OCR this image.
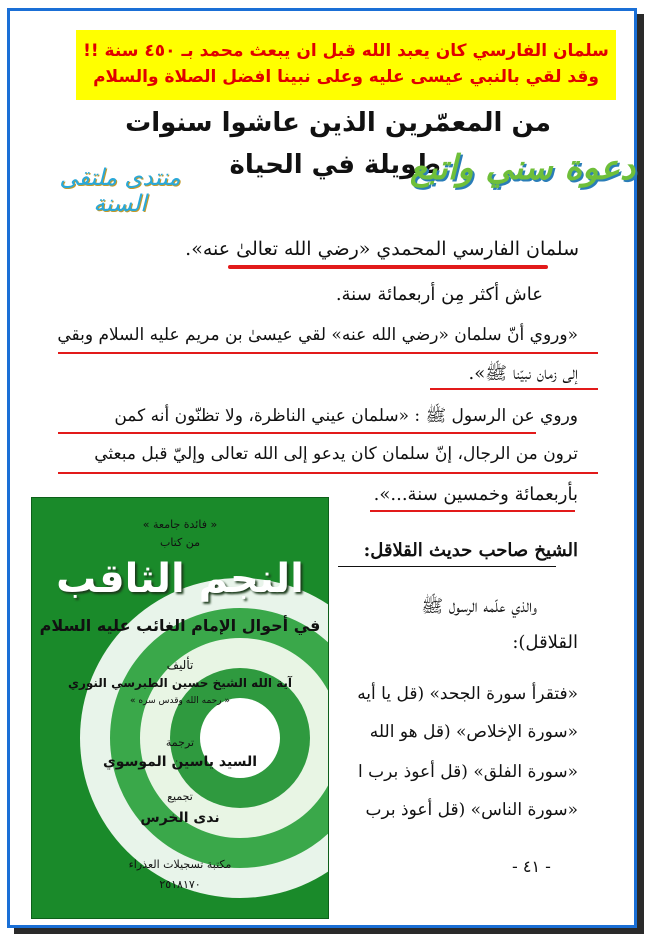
سلمان الفارسي كان يعبد الله قبل ان يبعث محمد بـ ٤٥٠ سنة !!
وقد لقي بالنبي عيسى عليه وعلى نبينا افضل الصلاة والسلام
من المعمّرين الذين عاشوا سنوات
طويلة في الحياة
دعوة سني واتبع
منتدى ملتقى السنة
سلمان الفارسي المحمدي «رضي الله تعالىٰ عنه».
عاش أكثر مِن أربعمائة سنة.
«وروي أنّ سلمان «رضي الله عنه» لقي عيسىٰ بن مريم عليه السلام وبقي
إلى زمان نبيّنا ﷺ».
وروي عن الرسول ﷺ : «سلمان عيني الناظرة، ولا تظنّون أنه كمن
ترون من الرجال، إنّ سلمان كان يدعو إلى الله تعالى وإليّ قبل مبعثي
بأربعمائة وخمسين سنة...».
الشيخ صاحب حديث القلاقل:
والذي علّمه الرسول ﷺ
القلاقل):
«فتقرأ سورة الجحد» (قل يا أيه
«سورة الإخلاص» (قل هو الله
«سورة الفلق» (قل أعوذ برب ا
«سورة الناس» (قل أعوذ برب
- ٤١ -
« فائدة جامعة »
من كتاب
النجم الثاقب
في أحوال الإمام الغائب عليه السلام
تأليف
آية الله الشيخ حسين الطبرسي النوري
« رحمه الله وقدس سره »
ترجمة
السيد ياسين الموسوي
تجميع
ندى الخرس
مكتبة تسجيلات العذراء
٢٥١٨١٧٠
